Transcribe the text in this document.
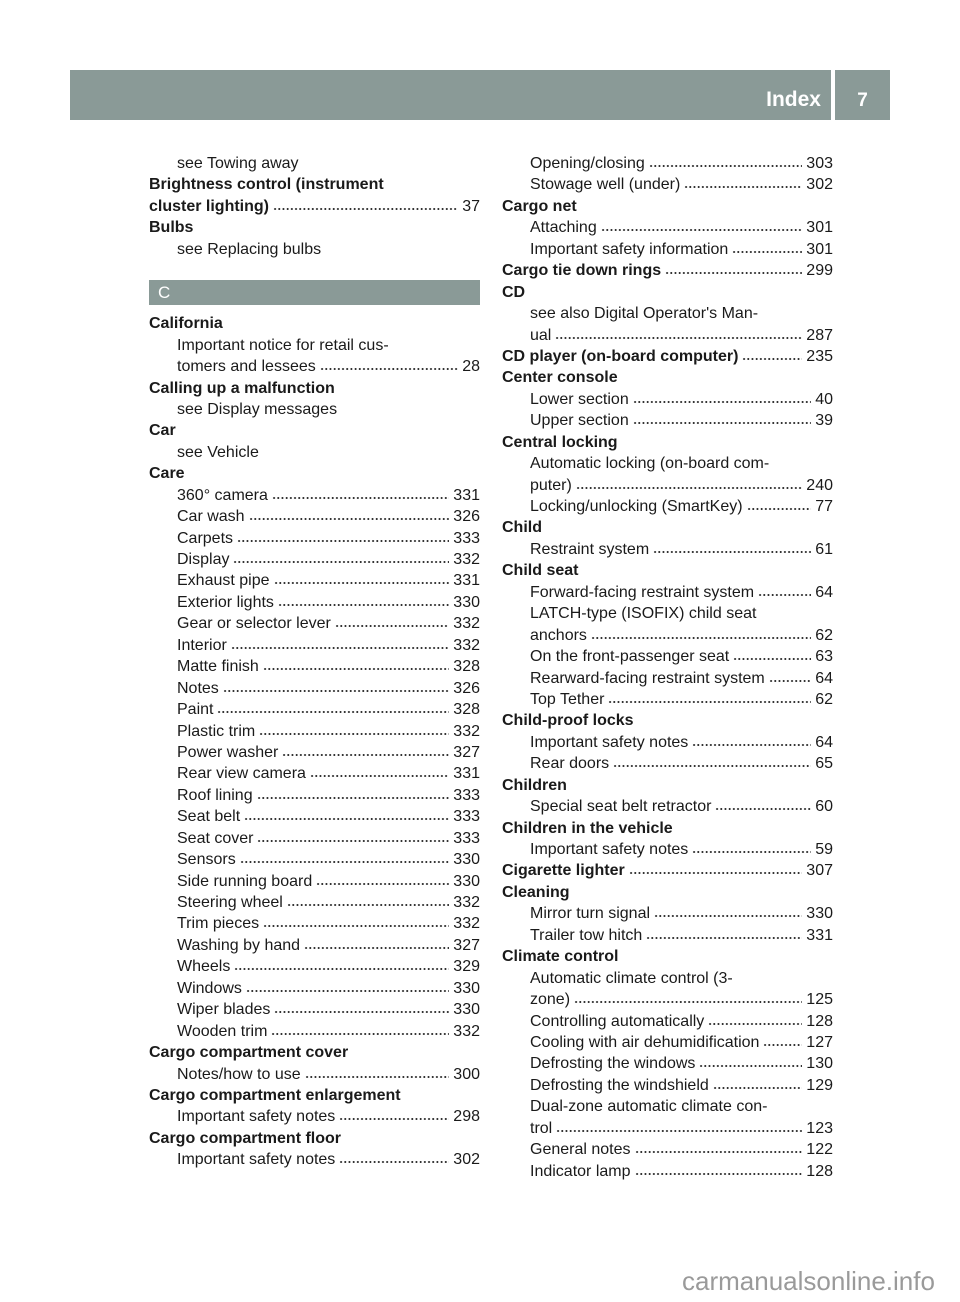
Index	7
see Towing away
Brightness control (instrument
cluster lighting)	37
Bulbs
see Replacing bulbs
C
California
Important notice for retail cus-
tomers and lessees	28
Calling up a malfunction
see Display messages
Car
see Vehicle
Care
360° camera	331
Car wash	326
Carpets	333
Display	332
Exhaust pipe	331
Exterior lights	330
Gear or selector lever	332
Interior	332
Matte finish	328
Notes	326
Paint	328
Plastic trim	332
Power washer	327
Rear view camera	331
Roof lining	333
Seat belt	333
Seat cover	333
Sensors	330
Side running board	330
Steering wheel	332
Trim pieces	332
Washing by hand	327
Wheels	329
Windows	330
Wiper blades	330
Wooden trim	332
Cargo compartment cover
Notes/how to use	300
Cargo compartment enlargement
Important safety notes	298
Cargo compartment floor
Important safety notes	302
Opening/closing	303
Stowage well (under)	302
Cargo net
Attaching	301
Important safety information	301
Cargo tie down rings	299
CD
see also Digital Operator's Man-
ual	287
CD player (on-board computer)	235
Center console
Lower section	40
Upper section	39
Central locking
Automatic locking (on-board com-
puter)	240
Locking/unlocking (SmartKey)	77
Child
Restraint system	61
Child seat
Forward-facing restraint system	64
LATCH-type (ISOFIX) child seat
anchors	62
On the front-passenger seat	63
Rearward-facing restraint system	64
Top Tether	62
Child-proof locks
Important safety notes	64
Rear doors	65
Children
Special seat belt retractor	60
Children in the vehicle
Important safety notes	59
Cigarette lighter	307
Cleaning
Mirror turn signal	330
Trailer tow hitch	331
Climate control
Automatic climate control (3-
zone)	125
Controlling automatically	128
Cooling with air dehumidification	127
Defrosting the windows	130
Defrosting the windshield	129
Dual-zone automatic climate con-
trol	123
General notes	122
Indicator lamp	128
carmanualsonline.info
